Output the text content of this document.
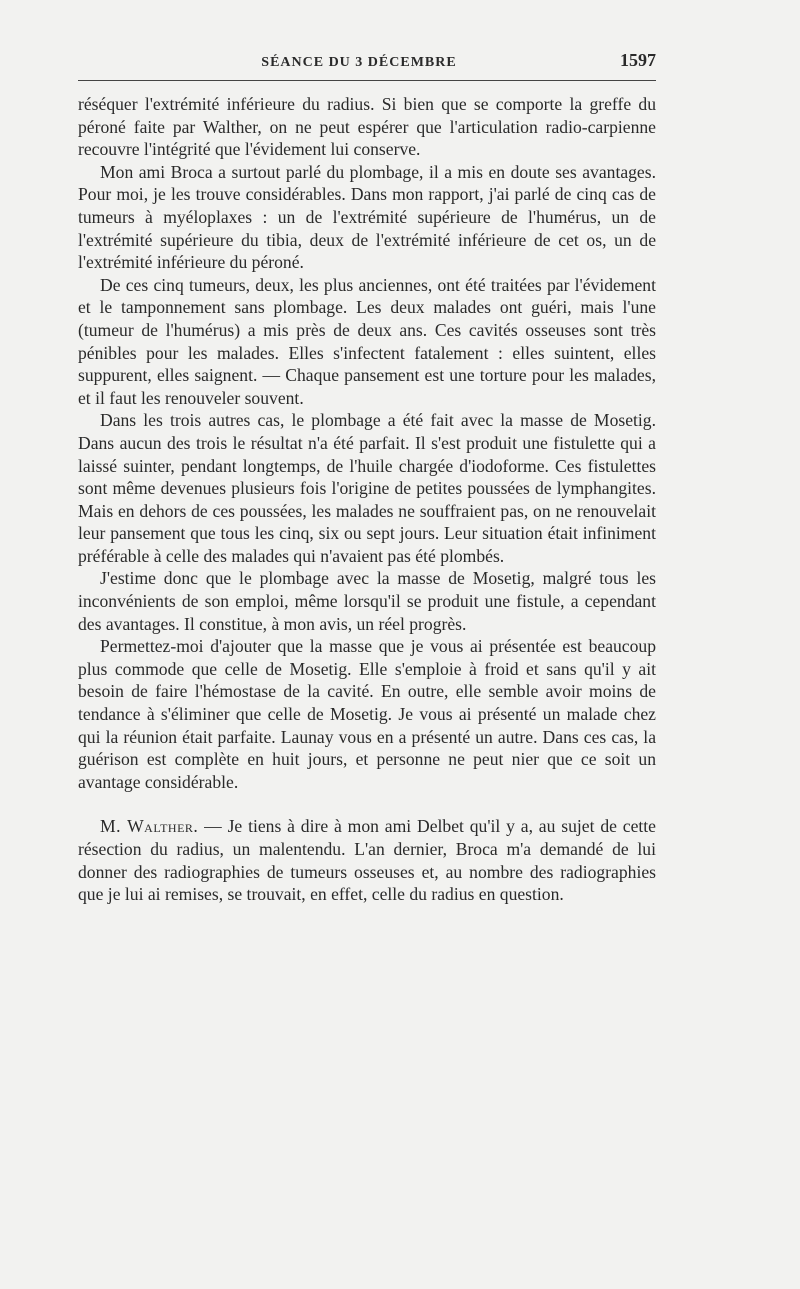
SÉANCE DU 3 DÉCEMBRE	1597

réséquer l'extrémité inférieure du radius. Si bien que se comporte la greffe du péroné faite par Walther, on ne peut espérer que l'articulation radio-carpienne recouvre l'intégrité que l'évidement lui conserve.

Mon ami Broca a surtout parlé du plombage, il a mis en doute ses avantages. Pour moi, je les trouve considérables. Dans mon rapport, j'ai parlé de cinq cas de tumeurs à myéloplaxes : un de l'extrémité supérieure de l'humérus, un de l'extrémité supérieure du tibia, deux de l'extrémité inférieure de cet os, un de l'extrémité inférieure du péroné.

De ces cinq tumeurs, deux, les plus anciennes, ont été traitées par l'évidement et le tamponnement sans plombage. Les deux malades ont guéri, mais l'une (tumeur de l'humérus) a mis près de deux ans. Ces cavités osseuses sont très pénibles pour les malades. Elles s'infectent fatalement : elles suintent, elles suppurent, elles saignent. — Chaque pansement est une torture pour les malades, et il faut les renouveler souvent.

Dans les trois autres cas, le plombage a été fait avec la masse de Mosetig. Dans aucun des trois le résultat n'a été parfait. Il s'est produit une fistulette qui a laissé suinter, pendant longtemps, de l'huile chargée d'iodoforme. Ces fistulettes sont même devenues plusieurs fois l'origine de petites poussées de lymphangites. Mais en dehors de ces poussées, les malades ne souffraient pas, on ne renouvelait leur pansement que tous les cinq, six ou sept jours. Leur situation était infiniment préférable à celle des malades qui n'avaient pas été plombés.

J'estime donc que le plombage avec la masse de Mosetig, malgré tous les inconvénients de son emploi, même lorsqu'il se produit une fistule, a cependant des avantages. Il constitue, à mon avis, un réel progrès.

Permettez-moi d'ajouter que la masse que je vous ai présentée est beaucoup plus commode que celle de Mosetig. Elle s'emploie à froid et sans qu'il y ait besoin de faire l'hémostase de la cavité. En outre, elle semble avoir moins de tendance à s'éliminer que celle de Mosetig. Je vous ai présenté un malade chez qui la réunion était parfaite. Launay vous en a présenté un autre. Dans ces cas, la guérison est complète en huit jours, et personne ne peut nier que ce soit un avantage considérable.

M. Walther. — Je tiens à dire à mon ami Delbet qu'il y a, au sujet de cette résection du radius, un malentendu. L'an dernier, Broca m'a demandé de lui donner des radiographies de tumeurs osseuses et, au nombre des radiographies que je lui ai remises, se trouvait, en effet, celle du radius en question.
